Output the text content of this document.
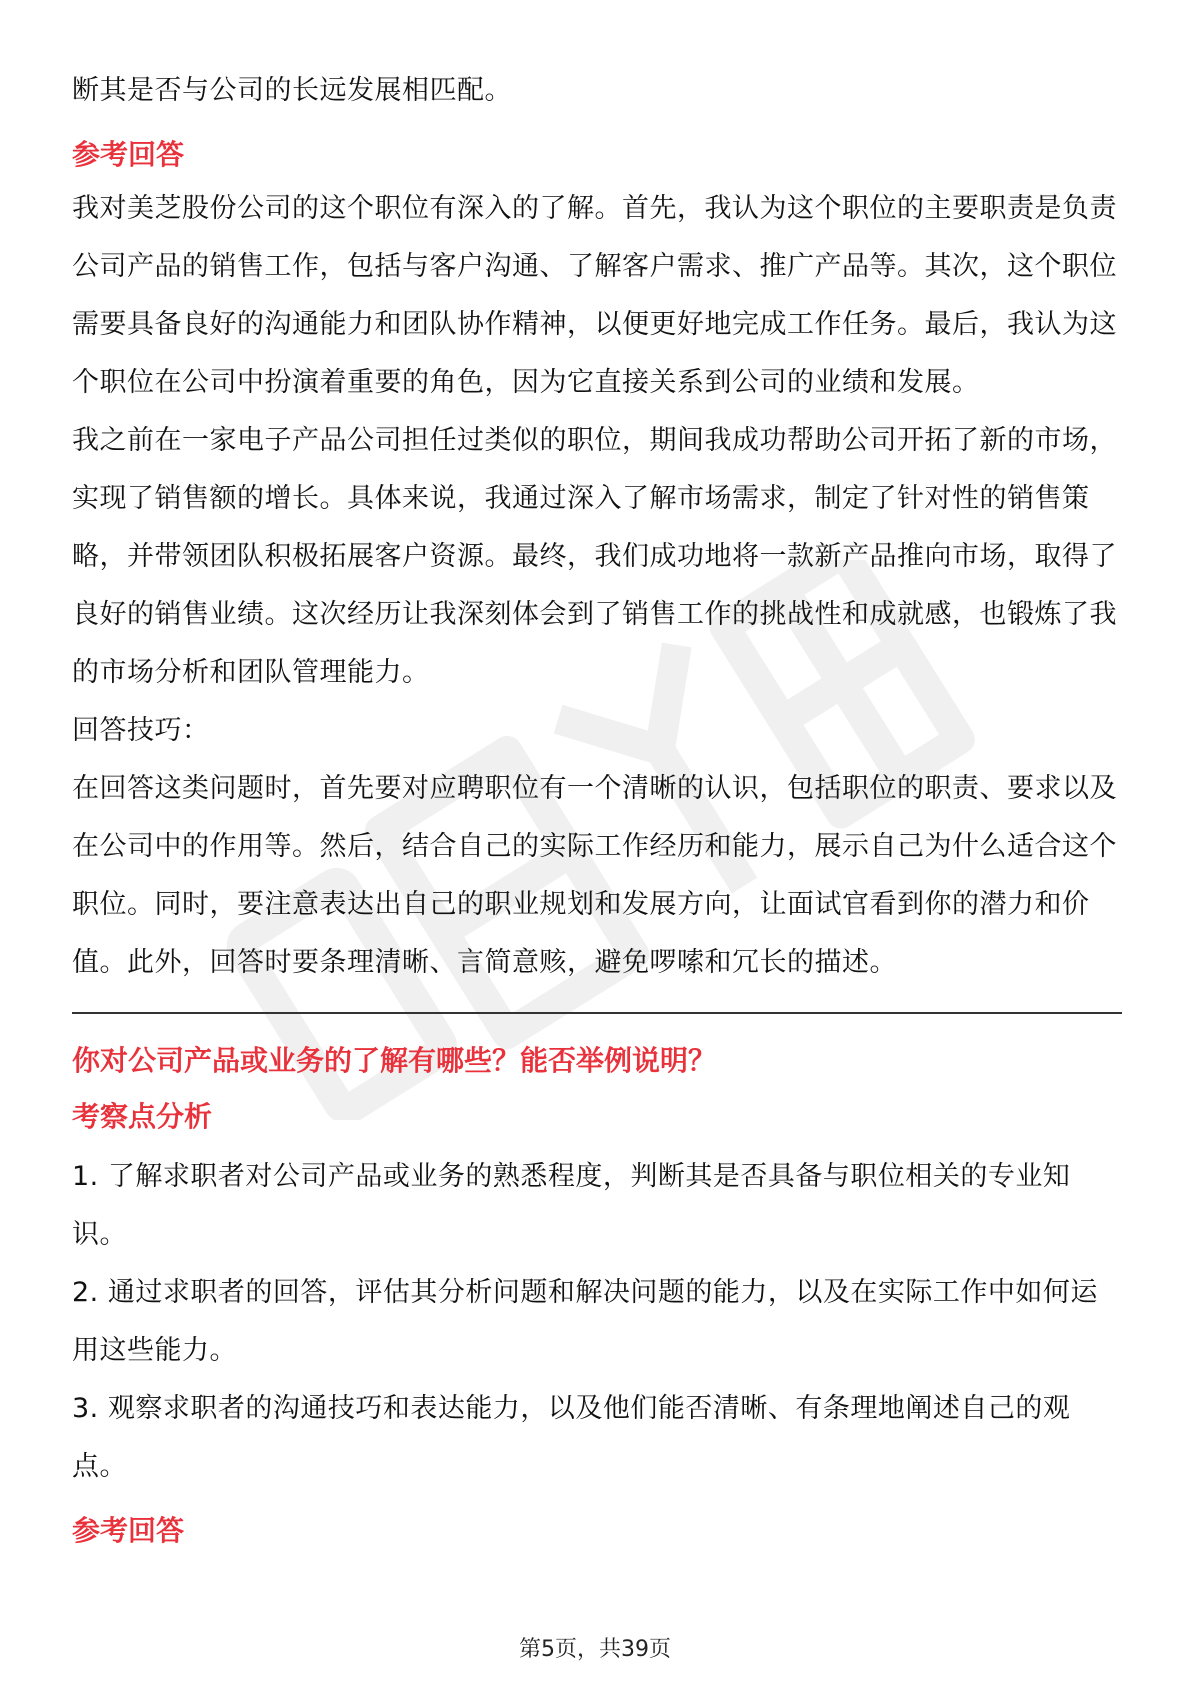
断其是否与公司的长远发展相匹配。

参考回答

我对美芝股份公司的这个职位有深入的了解。首先，我认为这个职位的主要职责是负责公司产品的销售工作，包括与客户沟通、了解客户需求、推广产品等。其次，这个职位需要具备良好的沟通能力和团队协作精神，以便更好地完成工作任务。最后，我认为这个职位在公司中扮演着重要的角色，因为它直接关系到公司的业绩和发展。

我之前在一家电子产品公司担任过类似的职位，期间我成功帮助公司开拓了新的市场，实现了销售额的增长。具体来说，我通过深入了解市场需求，制定了针对性的销售策略，并带领团队积极拓展客户资源。最终，我们成功地将一款新产品推向市场，取得了良好的销售业绩。这次经历让我深刻体会到了销售工作的挑战性和成就感，也锻炼了我的市场分析和团队管理能力。

回答技巧：

在回答这类问题时，首先要对应聘职位有一个清晰的认识，包括职位的职责、要求以及在公司中的作用等。然后，结合自己的实际工作经历和能力，展示自己为什么适合这个职位。同时，要注意表达出自己的职业规划和发展方向，让面试官看到你的潜力和价值。此外，回答时要条理清晰、言简意赅，避免啰嗦和冗长的描述。

你对公司产品或业务的了解有哪些？能否举例说明？

考察点分析

1. 了解求职者对公司产品或业务的熟悉程度，判断其是否具备与职位相关的专业知识。

2. 通过求职者的回答，评估其分析问题和解决问题的能力，以及在实际工作中如何运用这些能力。

3. 观察求职者的沟通技巧和表达能力，以及他们能否清晰、有条理地阐述自己的观点。

参考回答

第5页，共39页
